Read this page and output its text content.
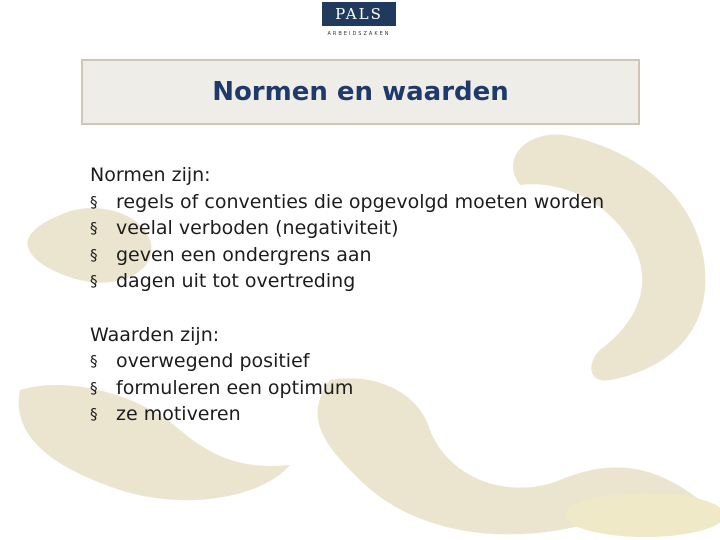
PALS
ARBEIDSZAKEN
Normen en waarden
Normen zijn:
§ regels of conventies die opgevolgd moeten worden
§ veelal verboden (negativiteit)
§ geven een ondergrens aan
§ dagen uit tot overtreding
Waarden zijn:
§ overwegend positief
§ formuleren een optimum
§ ze motiveren
